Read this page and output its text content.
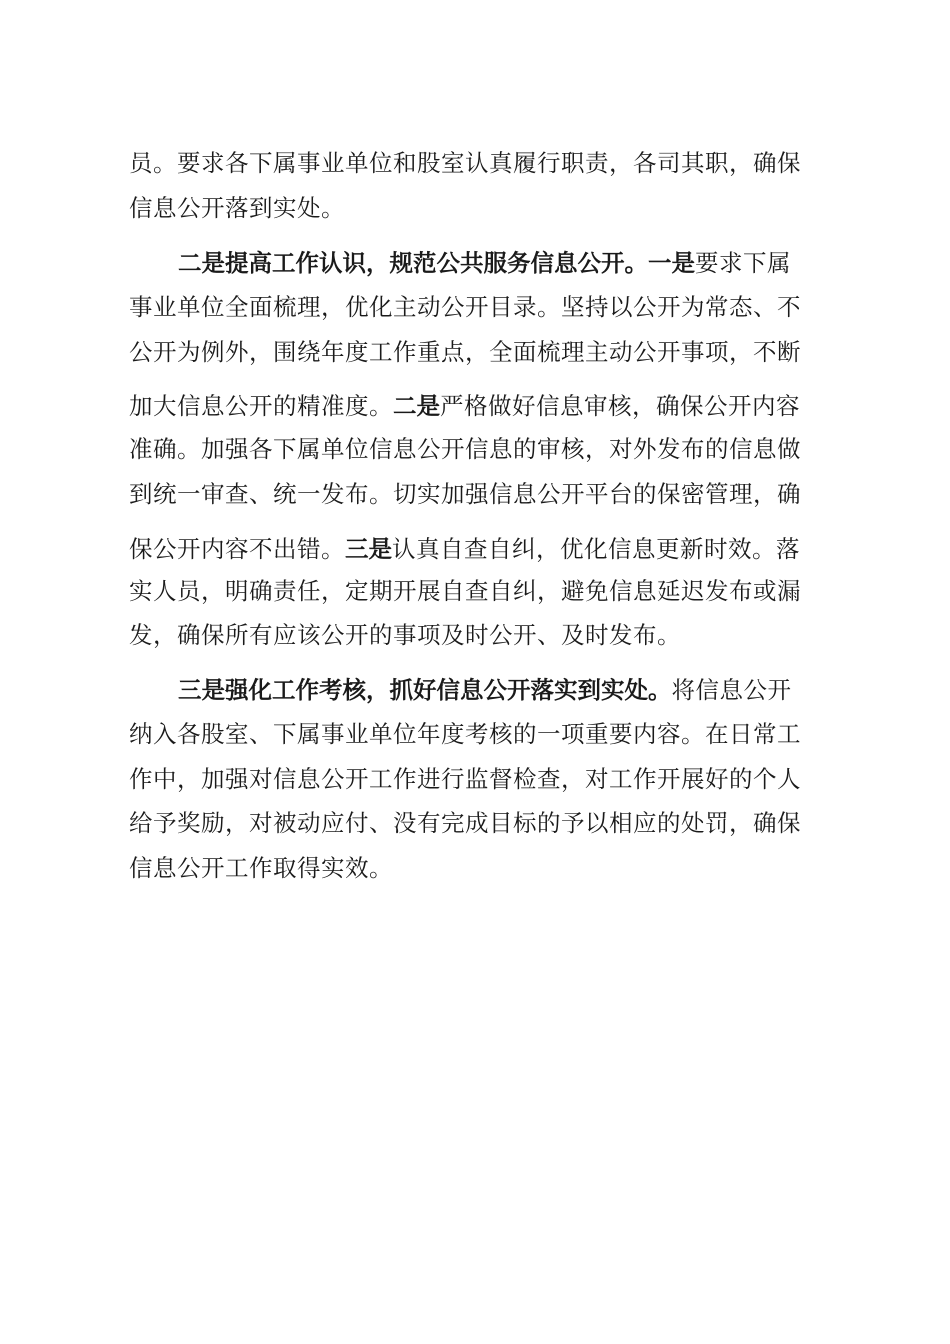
员。要求各下属事业单位和股室认真履行职责，各司其职，确保
信息公开落到实处。
二是提高工作认识，规范公共服务信息公开。一是要求下属
事业单位全面梳理，优化主动公开目录。坚持以公开为常态、不
公开为例外，围绕年度工作重点，全面梳理主动公开事项，不断
加大信息公开的精准度。二是严格做好信息审核，确保公开内容
准确。加强各下属单位信息公开信息的审核，对外发布的信息做
到统一审查、统一发布。切实加强信息公开平台的保密管理，确
保公开内容不出错。三是认真自查自纠，优化信息更新时效。落
实人员，明确责任，定期开展自查自纠，避免信息延迟发布或漏
发，确保所有应该公开的事项及时公开、及时发布。
三是强化工作考核，抓好信息公开落实到实处。将信息公开
纳入各股室、下属事业单位年度考核的一项重要内容。在日常工
作中，加强对信息公开工作进行监督检查，对工作开展好的个人
给予奖励，对被动应付、没有完成目标的予以相应的处罚，确保
信息公开工作取得实效。
